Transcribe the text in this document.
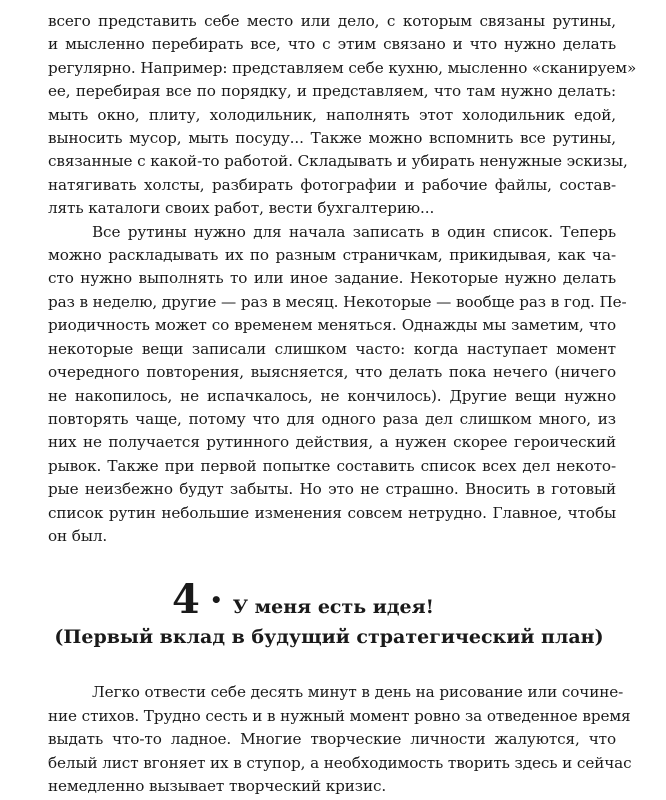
всего представить себе место или дело, с которым связаны рутины,

и мысленно перебирать все, что с этим связано и что нужно делать

регулярно. Например: представляем себе кухню, мысленно «сканируем»

ее, перебирая все по порядку, и представляем, что там нужно делать:

мыть окно, плиту, холодильник, наполнять этот холодильник едой,

выносить мусор, мыть посуду... Также можно вспомнить все рутины,

связанные с какой-то работой. Складывать и убирать ненужные эскизы,

натягивать холсты, разбирать фотографии и рабочие файлы, состав-

лять каталоги своих работ, вести бухгалтерию...

Все рутины нужно для начала записать в один список. Теперь

можно раскладывать их по разным страничкам, прикидывая, как ча-

сто нужно выполнять то или иное задание. Некоторые нужно делать

раз в неделю, другие — раз в месяц. Некоторые — вообще раз в год. Пе-

риодичность может со временем меняться. Однажды мы заметим, что

некоторые вещи записали слишком часто: когда наступает момент

очередного повторения, выясняется, что делать пока нечего (ничего

не накопилось, не испачкалось, не кончилось). Другие вещи нужно

повторять чаще, потому что для одного раза дел слишком много, из

них не получается рутинного действия, а нужен скорее героический

рывок. Также при первой попытке составить список всех дел некото-

рые неизбежно будут забыты. Но это не страшно. Вносить в готовый

список рутин небольшие изменения совсем нетрудно. Главное, чтобы

он был.

4 • У меня есть идея!
(Первый вклад в будущий стратегический план)

Легко отвести себе десять минут в день на рисование или сочине-

ние стихов. Трудно сесть и в нужный момент ровно за отведенное время

выдать что-то ладное. Многие творческие личности жалуются, что

белый лист вгоняет их в ступор, а необходимость творить здесь и сейчас

немедленно вызывает творческий кризис.
